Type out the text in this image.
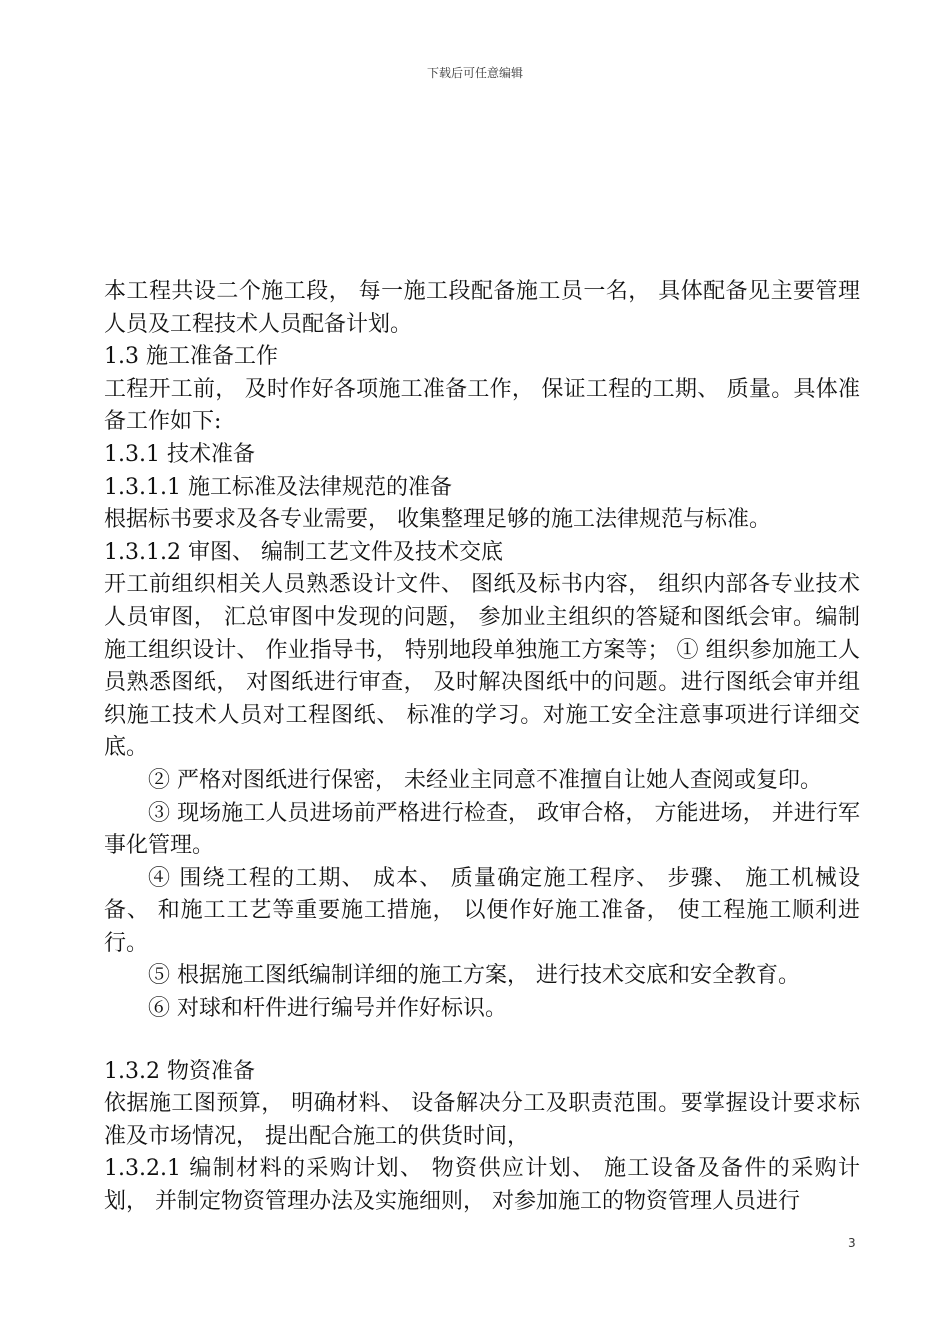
下载后可任意编辑

本工程共设二个施工段， 每一施工段配备施工员一名， 具体配备见主要管理人员及工程技术人员配备计划。

1.3 施工准备工作

工程开工前， 及时作好各项施工准备工作， 保证工程的工期、 质量。具体准备工作如下:

1.3.1 技术准备

1.3.1.1 施工标准及法律规范的准备

根据标书要求及各专业需要， 收集整理足够的施工法律规范与标准。

1.3.1.2 审图、 编制工艺文件及技术交底

开工前组织相关人员熟悉设计文件、 图纸及标书内容， 组织内部各专业技术人员审图， 汇总审图中发现的问题， 参加业主组织的答疑和图纸会审。编制施工组织设计、 作业指导书， 特别地段单独施工方案等； ① 组织参加施工人员熟悉图纸， 对图纸进行审查， 及时解决图纸中的问题。进行图纸会审并组织施工技术人员对工程图纸、 标准的学习。对施工安全注意事项进行详细交底。

② 严格对图纸进行保密， 未经业主同意不准擅自让她人查阅或复印。

③ 现场施工人员进场前严格进行检查， 政审合格， 方能进场， 并进行军事化管理。

④ 围绕工程的工期、 成本、 质量确定施工程序、 步骤、 施工机械设备、 和施工工艺等重要施工措施， 以便作好施工准备， 使工程施工顺利进行。

⑤ 根据施工图纸编制详细的施工方案， 进行技术交底和安全教育。

⑥ 对球和杆件进行编号并作好标识。

1.3.2 物资准备

依据施工图预算， 明确材料、 设备解决分工及职责范围。要掌握设计要求标准及市场情况， 提出配合施工的供货时间，

1.3.2.1 编制材料的采购计划、 物资供应计划、 施工设备及备件的采购计划， 并制定物资管理办法及实施细则， 对参加施工的物资管理人员进行

3
